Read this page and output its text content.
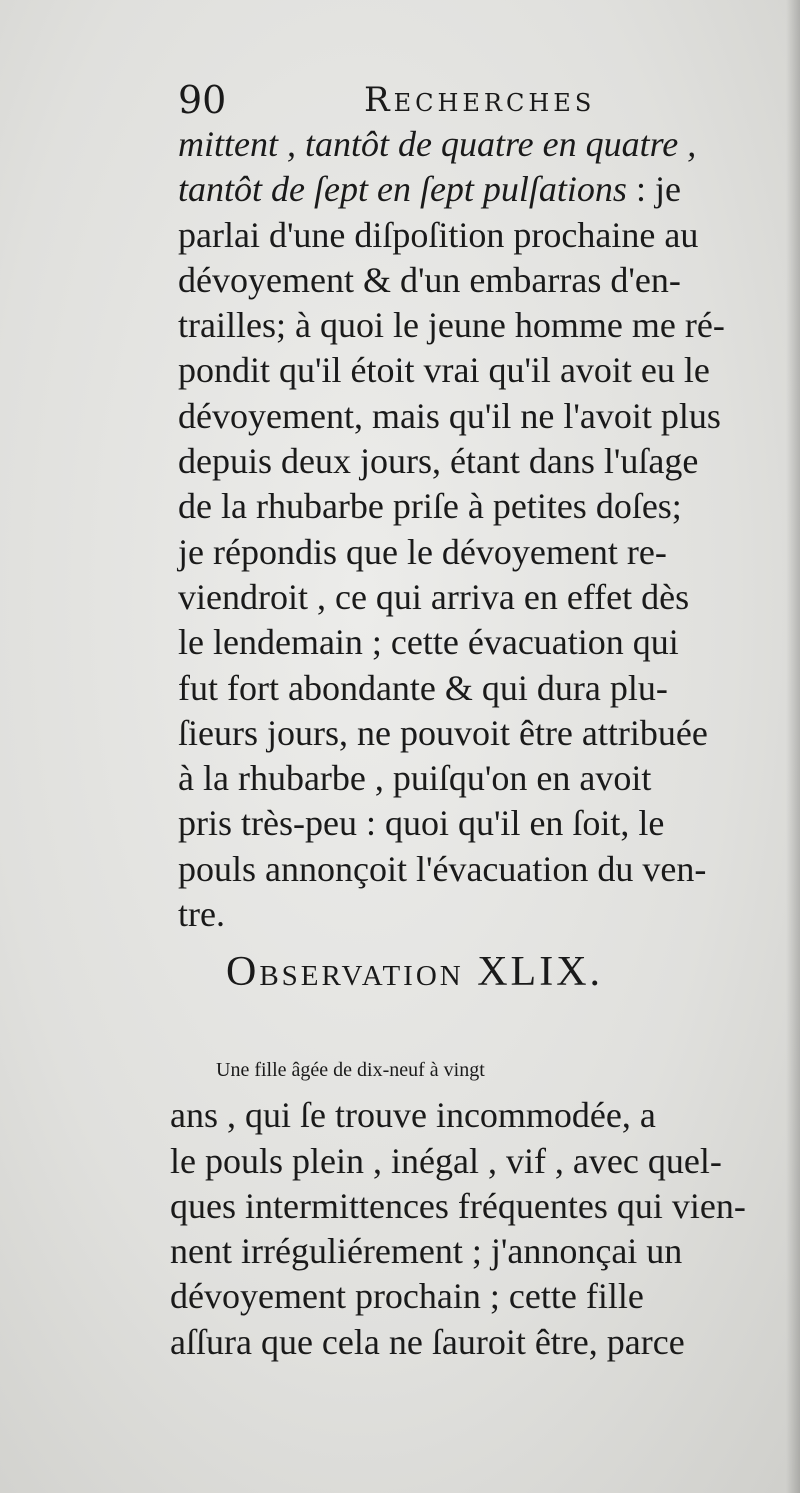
90	Recherches
mittent , tantôt de quatre en quatre ,
tantôt de ſept en ſept pulſations : je
parlai d'une diſpoſition prochaine au
dévoyement & d'un embarras d'en-
trailles; à quoi le jeune homme me ré-
pondit qu'il étoit vrai qu'il avoit eu le
dévoyement, mais qu'il ne l'avoit plus
depuis deux jours, étant dans l'uſage
de la rhubarbe priſe à petites doſes;
je répondis que le dévoyement re-
viendroit , ce qui arriva en effet dès
le lendemain ; cette évacuation qui
fut fort abondante & qui dura plu-
ſieurs jours, ne pouvoit être attribuée
à la rhubarbe , puiſqu'on en avoit
pris très-peu : quoi qu'il en ſoit, le
pouls annonçoit l'évacuation du ven-
tre.
Observation XLIX.
Une fille âgée de dix-neuf à vingt
ans , qui ſe trouve incommodée, a
le pouls plein , inégal , vif , avec quel-
ques intermittences fréquentes qui vien-
nent irréguliérement ; j'annonçai un
dévoyement prochain ; cette fille
aſſura que cela ne ſauroit être, parce
